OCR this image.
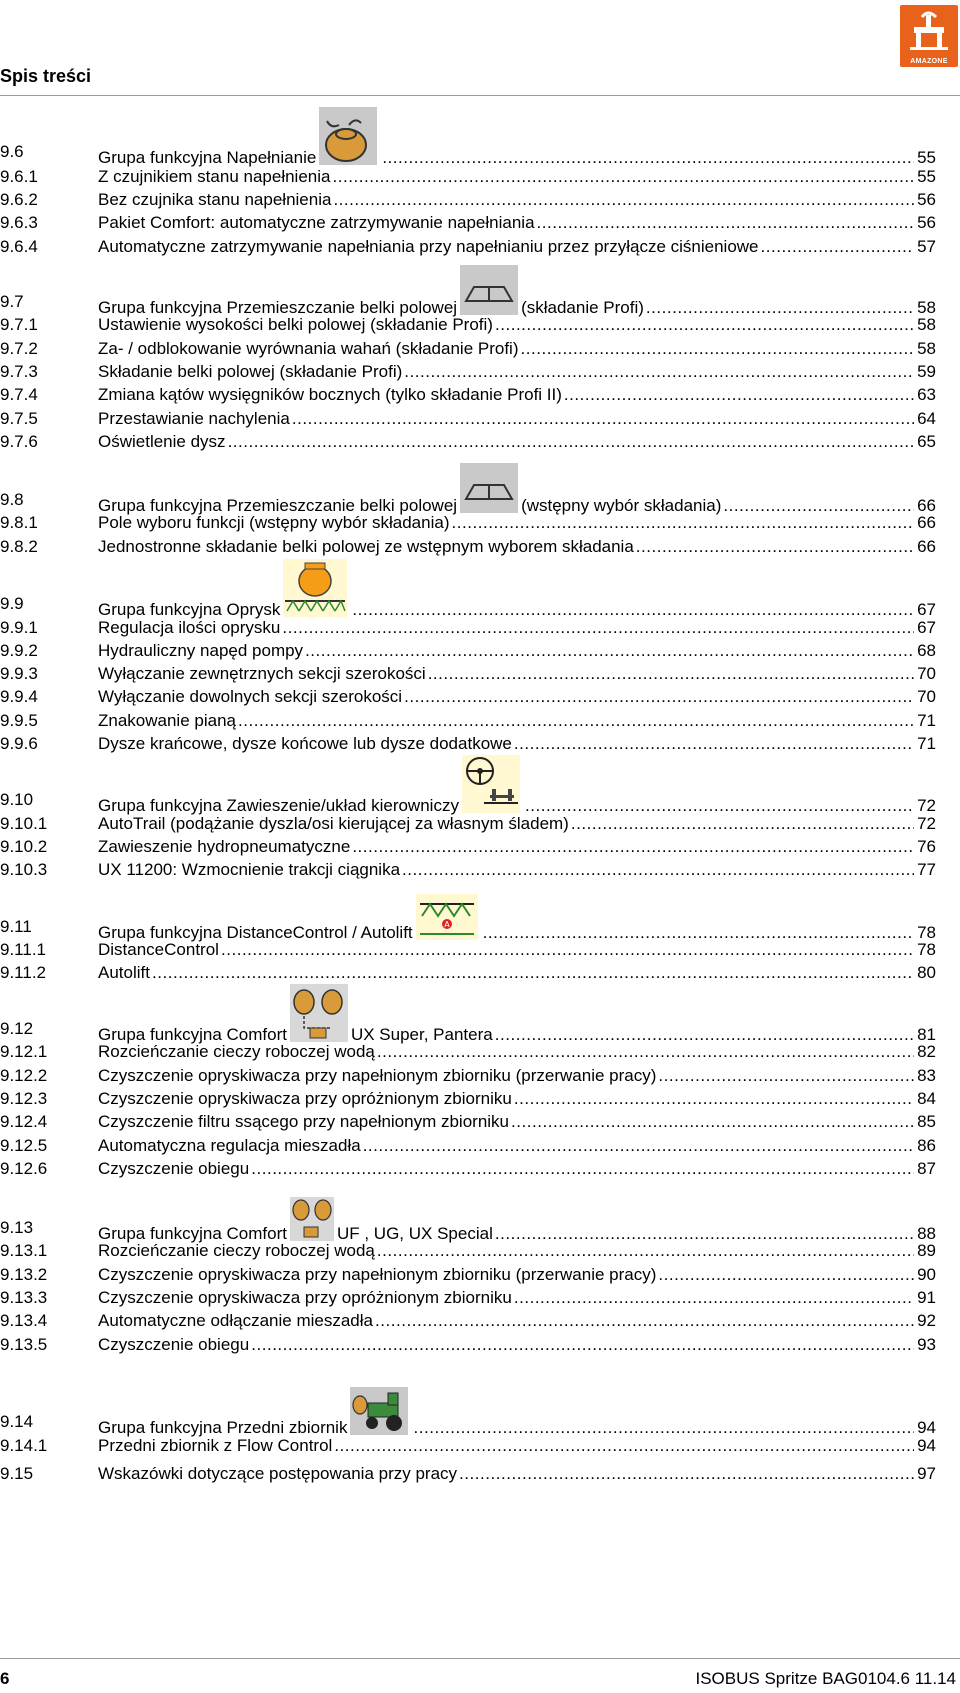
Spis treści
AMAZONE
9.6	Grupa funkcyjna Napełnianie . . .	55
9.6.1	Z czujnikiem stanu napełnienia . . .	55
9.6.2	Bez czujnika stanu napełnienia . . .	56
9.6.3	Pakiet Comfort: automatyczne zatrzymywanie napełniania . . .	56
9.6.4	Automatyczne zatrzymywanie napełniania przy napełnianiu przez przyłącze ciśnieniowe . . .	57
9.7	Grupa funkcyjna Przemieszczanie belki polowej	(składanie Profi) . . .	58
9.7.1	Ustawienie wysokości belki polowej (składanie Profi) . . .	58
9.7.2	Za- / odblokowanie wyrównania wahań (składanie Profi) . . .	58
9.7.3	Składanie belki polowej (składanie Profi) . . .	59
9.7.4	Zmiana kątów wysięgników bocznych (tylko składanie Profi II) . . .	63
9.7.5	Przestawianie nachylenia . . .	64
9.7.6	Oświetlenie dysz . . .	65
9.8	Grupa funkcyjna Przemieszczanie belki polowej	(wstępny wybór składania) . . .	66
9.8.1	Pole wyboru funkcji (wstępny wybór składania) . . .	66
9.8.2	Jednostronne składanie belki polowej ze wstępnym wyborem składania . . .	66
9.9	Grupa funkcyjna Oprysk . . .	67
9.9.1	Regulacja ilości oprysku . . .	67
9.9.2	Hydrauliczny napęd pompy . . .	68
9.9.3	Wyłączanie zewnętrznych sekcji szerokości . . .	70
9.9.4	Wyłączanie dowolnych sekcji szerokości . . .	70
9.9.5	Znakowanie pianą . . .	71
9.9.6	Dysze krańcowe, dysze końcowe lub dysze dodatkowe . . .	71
9.10	Grupa funkcyjna Zawieszenie/układ kierowniczy . . .	72
9.10.1	AutoTrail (podążanie dyszla/osi kierującej za własnym śladem) . . .	72
9.10.2	Zawieszenie hydropneumatyczne . . .	76
9.10.3	UX 11200: Wzmocnienie trakcji ciągnika . . .	77
9.11	Grupa funkcyjna DistanceControl / Autolift	A . . .	78
9.11.1	DistanceControl . . .	78
9.11.2	Autolift . . .	80
9.12	Grupa funkcyjna Comfort	UX Super, Pantera . . .	81
9.12.1	Rozcieńczanie cieczy roboczej wodą . . .	82
9.12.2	Czyszczenie opryskiwacza przy napełnionym zbiorniku (przerwanie pracy) . . .	83
9.12.3	Czyszczenie opryskiwacza przy opróżnionym zbiorniku . . .	84
9.12.4	Czyszczenie filtru ssącego przy napełnionym zbiorniku . . .	85
9.12.5	Automatyczna regulacja mieszadła . . .	86
9.12.6	Czyszczenie obiegu . . .	87
9.13	Grupa funkcyjna Comfort	UF , UG, UX Special . . .	88
9.13.1	Rozcieńczanie cieczy roboczej wodą . . .	89
9.13.2	Czyszczenie opryskiwacza przy napełnionym zbiorniku (przerwanie pracy) . . .	90
9.13.3	Czyszczenie opryskiwacza przy opróżnionym zbiorniku . . .	91
9.13.4	Automatyczne odłączanie mieszadła . . .	92
9.13.5	Czyszczenie obiegu . . .	93
9.14	Grupa funkcyjna Przedni zbiornik . . .	94
9.14.1	Przedni zbiornik z Flow Control . . .	94
9.15	Wskazówki dotyczące postępowania przy pracy . . .	97
6	ISOBUS Spritze BAG0104.6 11.14
